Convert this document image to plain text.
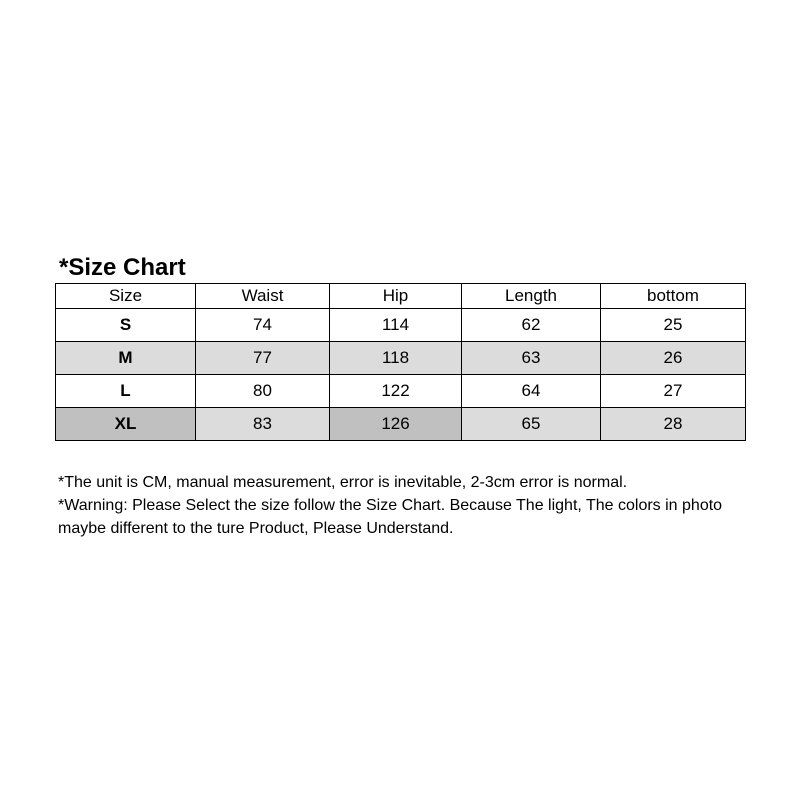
*Size Chart
Size	Waist	Hip	Length	bottom
S	74	114	62	25
M	77	118	63	26
L	80	122	64	27
XL	83	126	65	28

*The unit is CM, manual measurement, error is inevitable, 2-3cm error is normal.

*Warning: Please Select the size follow the Size Chart. Because The light, The colors in photo maybe different to the ture Product, Please Understand.
